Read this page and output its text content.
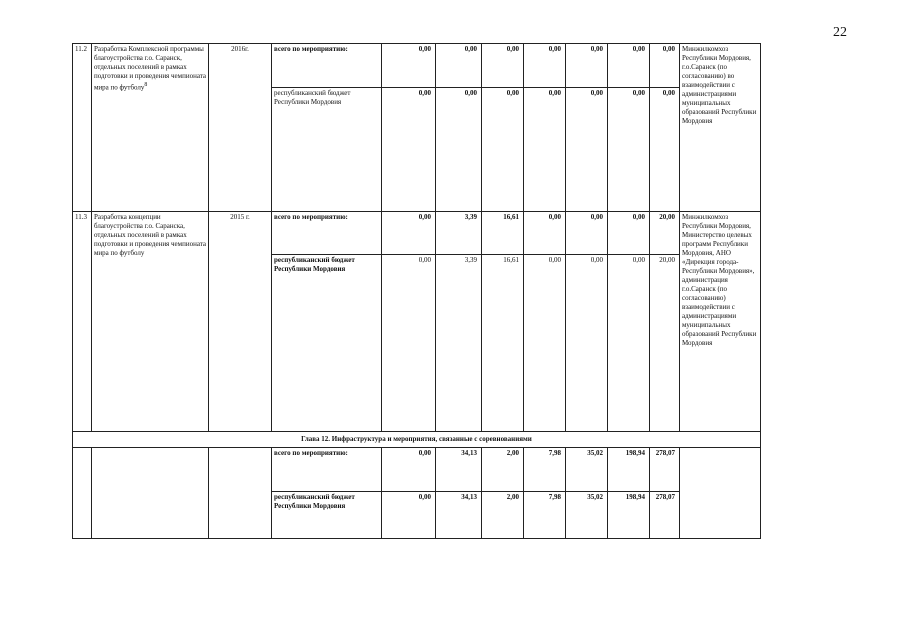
22
11.2	Разработка Комплексной программы благоустройства г.о. Саранск, отдельных поселений в рамках подготовки и проведения чемпионата мира по футболу$^8$	2016г.	всего по мероприятию:	0,00	0,00	0,00	0,00	0,00	0,00	0,00	Минжилкомхоз Республики Мордовия, г.о.Саранск (по согласованию) во взаимодействии с администрациями муниципальных образований Республики Мордовия
			республиканский бюджет Республики Мордовия	0,00	0,00	0,00	0,00	0,00	0,00	0,00	
11.3	Разработка концепции благоустройства г.о. Саранска, отдельных поселений в рамках подготовки и проведения чемпионата мира по футболу	2015 г.	всего по мероприятию:	0,00	3,39	16,61	0,00	0,00	0,00	20,00	Минжилкомхоз Республики Мордовия, Министерство целевых программ Республики Мордовия, АНО «Дирекция города-Республики Мордовия», администрация г.о.Саранск (по согласованию) взаимодействии с администрациями муниципальных образований Республики Мордовия
			республиканский бюджет Республики Мордовия	0,00	3,39	16,61	0,00	0,00	0,00	20,00	
Глава 12. Инфраструктура и мероприятия, связанные с соревнованиями											
			всего по мероприятию:	0,00	34,13	2,00	7,98	35,02	198,94	278,07	
			республиканский бюджет Республики Мордовия	0,00	34,13	2,00	7,98	35,02	198,94	278,07	
